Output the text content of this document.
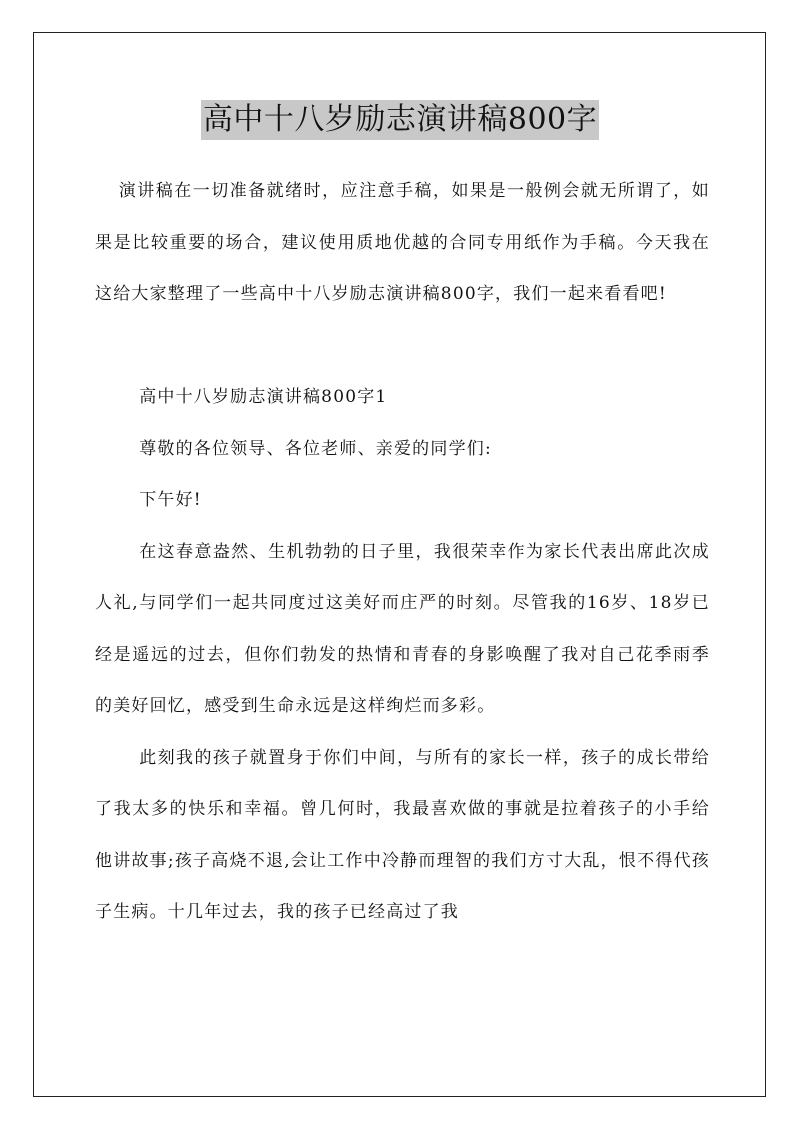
高中十八岁励志演讲稿800字

演讲稿在一切准备就绪时，应注意手稿，如果是一般例会就无所谓了，如果是比较重要的场合，建议使用质地优越的合同专用纸作为手稿。今天我在这给大家整理了一些高中十八岁励志演讲稿800字，我们一起来看看吧!

高中十八岁励志演讲稿800字1

尊敬的各位领导、各位老师、亲爱的同学们:

下午好!

在这春意盎然、生机勃勃的日子里，我很荣幸作为家长代表出席此次成人礼,与同学们一起共同度过这美好而庄严的时刻。尽管我的16岁、18岁已经是遥远的过去，但你们勃发的热情和青春的身影唤醒了我对自己花季雨季的美好回忆，感受到生命永远是这样绚烂而多彩。

此刻我的孩子就置身于你们中间，与所有的家长一样，孩子的成长带给了我太多的快乐和幸福。曾几何时，我最喜欢做的事就是拉着孩子的小手给他讲故事;孩子高烧不退,会让工作中冷静而理智的我们方寸大乱，恨不得代孩子生病。十几年过去，我的孩子已经高过了我
